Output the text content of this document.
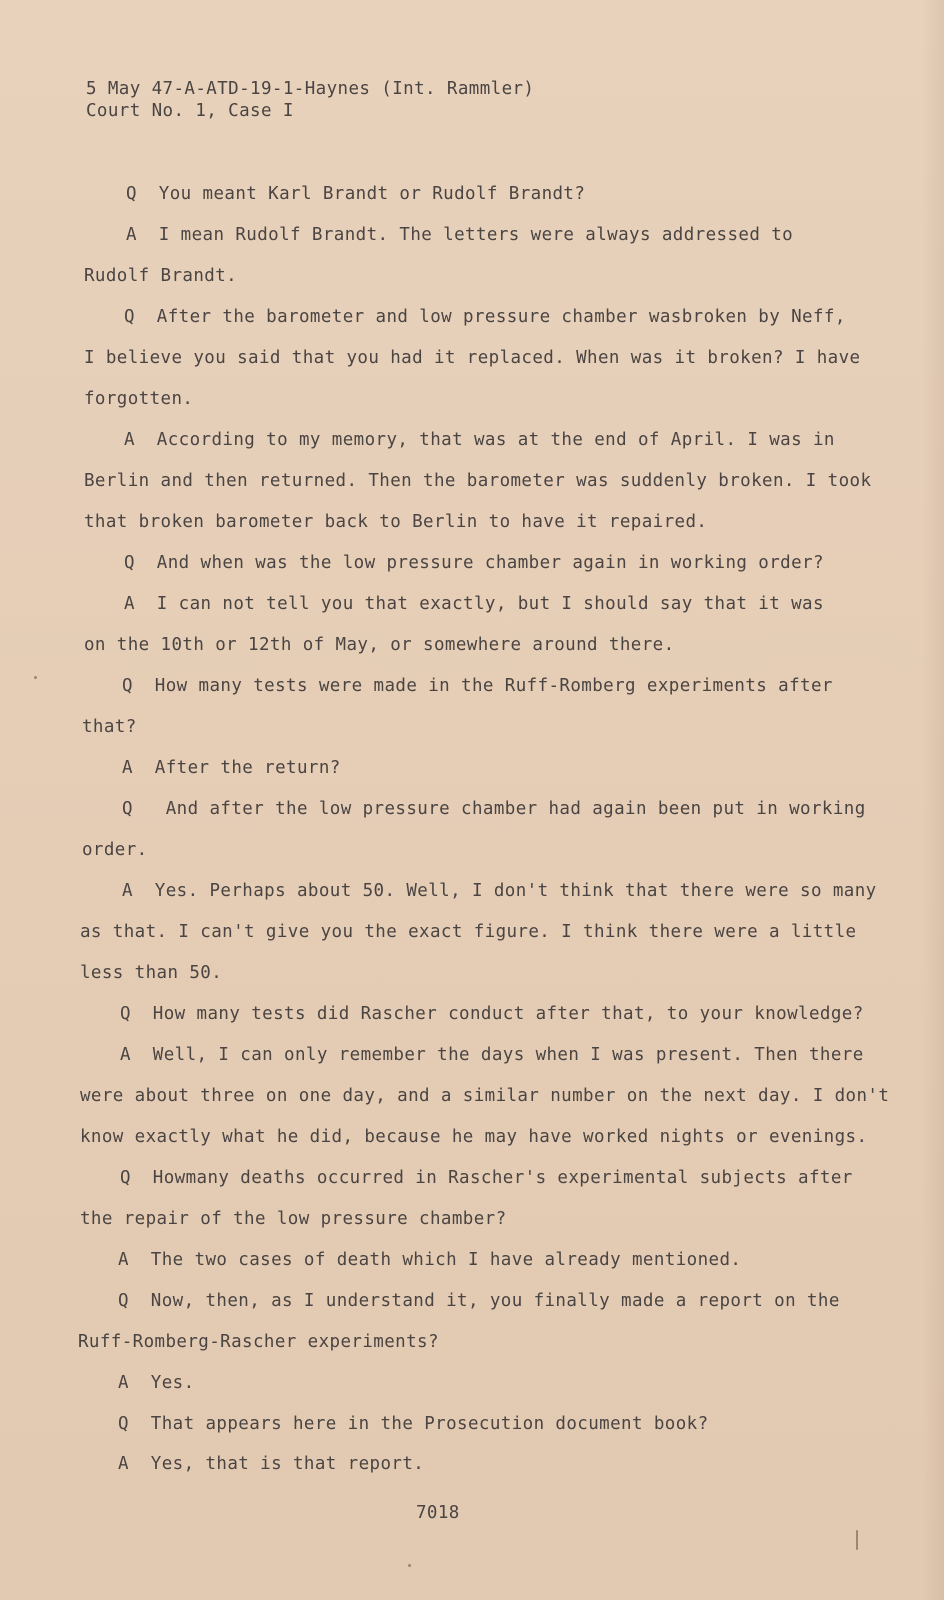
5 May 47-A-ATD-19-1-Haynes (Int. Rammler)
Court No. 1, Case I
Q  You meant Karl Brandt or Rudolf Brandt?
A  I mean Rudolf Brandt. The letters were always addressed to
Rudolf Brandt.
Q  After the barometer and low pressure chamber wasbroken by Neff,
I believe you said that you had it replaced. When was it broken? I have
forgotten.
A  According to my memory, that was at the end of April. I was in
Berlin and then returned. Then the barometer was suddenly broken. I took
that broken barometer back to Berlin to have it repaired.
Q  And when was the low pressure chamber again in working order?
A  I can not tell you that exactly, but I should say that it was
on the 10th or 12th of May, or somewhere around there.
Q  How many tests were made in the Ruff-Romberg experiments after
that?
A  After the return?
Q   And after the low pressure chamber had again been put in working
order.
A  Yes. Perhaps about 50. Well, I don't think that there were so many
as that. I can't give you the exact figure. I think there were a little
less than 50.
Q  How many tests did Rascher conduct after that, to your knowledge?
A  Well, I can only remember the days when I was present. Then there
were about three on one day, and a similar number on the next day. I don't
know exactly what he did, because he may have worked nights or evenings.
Q  Howmany deaths occurred in Rascher's experimental subjects after
the repair of the low pressure chamber?
A  The two cases of death which I have already mentioned.
Q  Now, then, as I understand it, you finally made a report on the
Ruff-Romberg-Rascher experiments?
A  Yes.
Q  That appears here in the Prosecution document book?
A  Yes, that is that report.
7018
